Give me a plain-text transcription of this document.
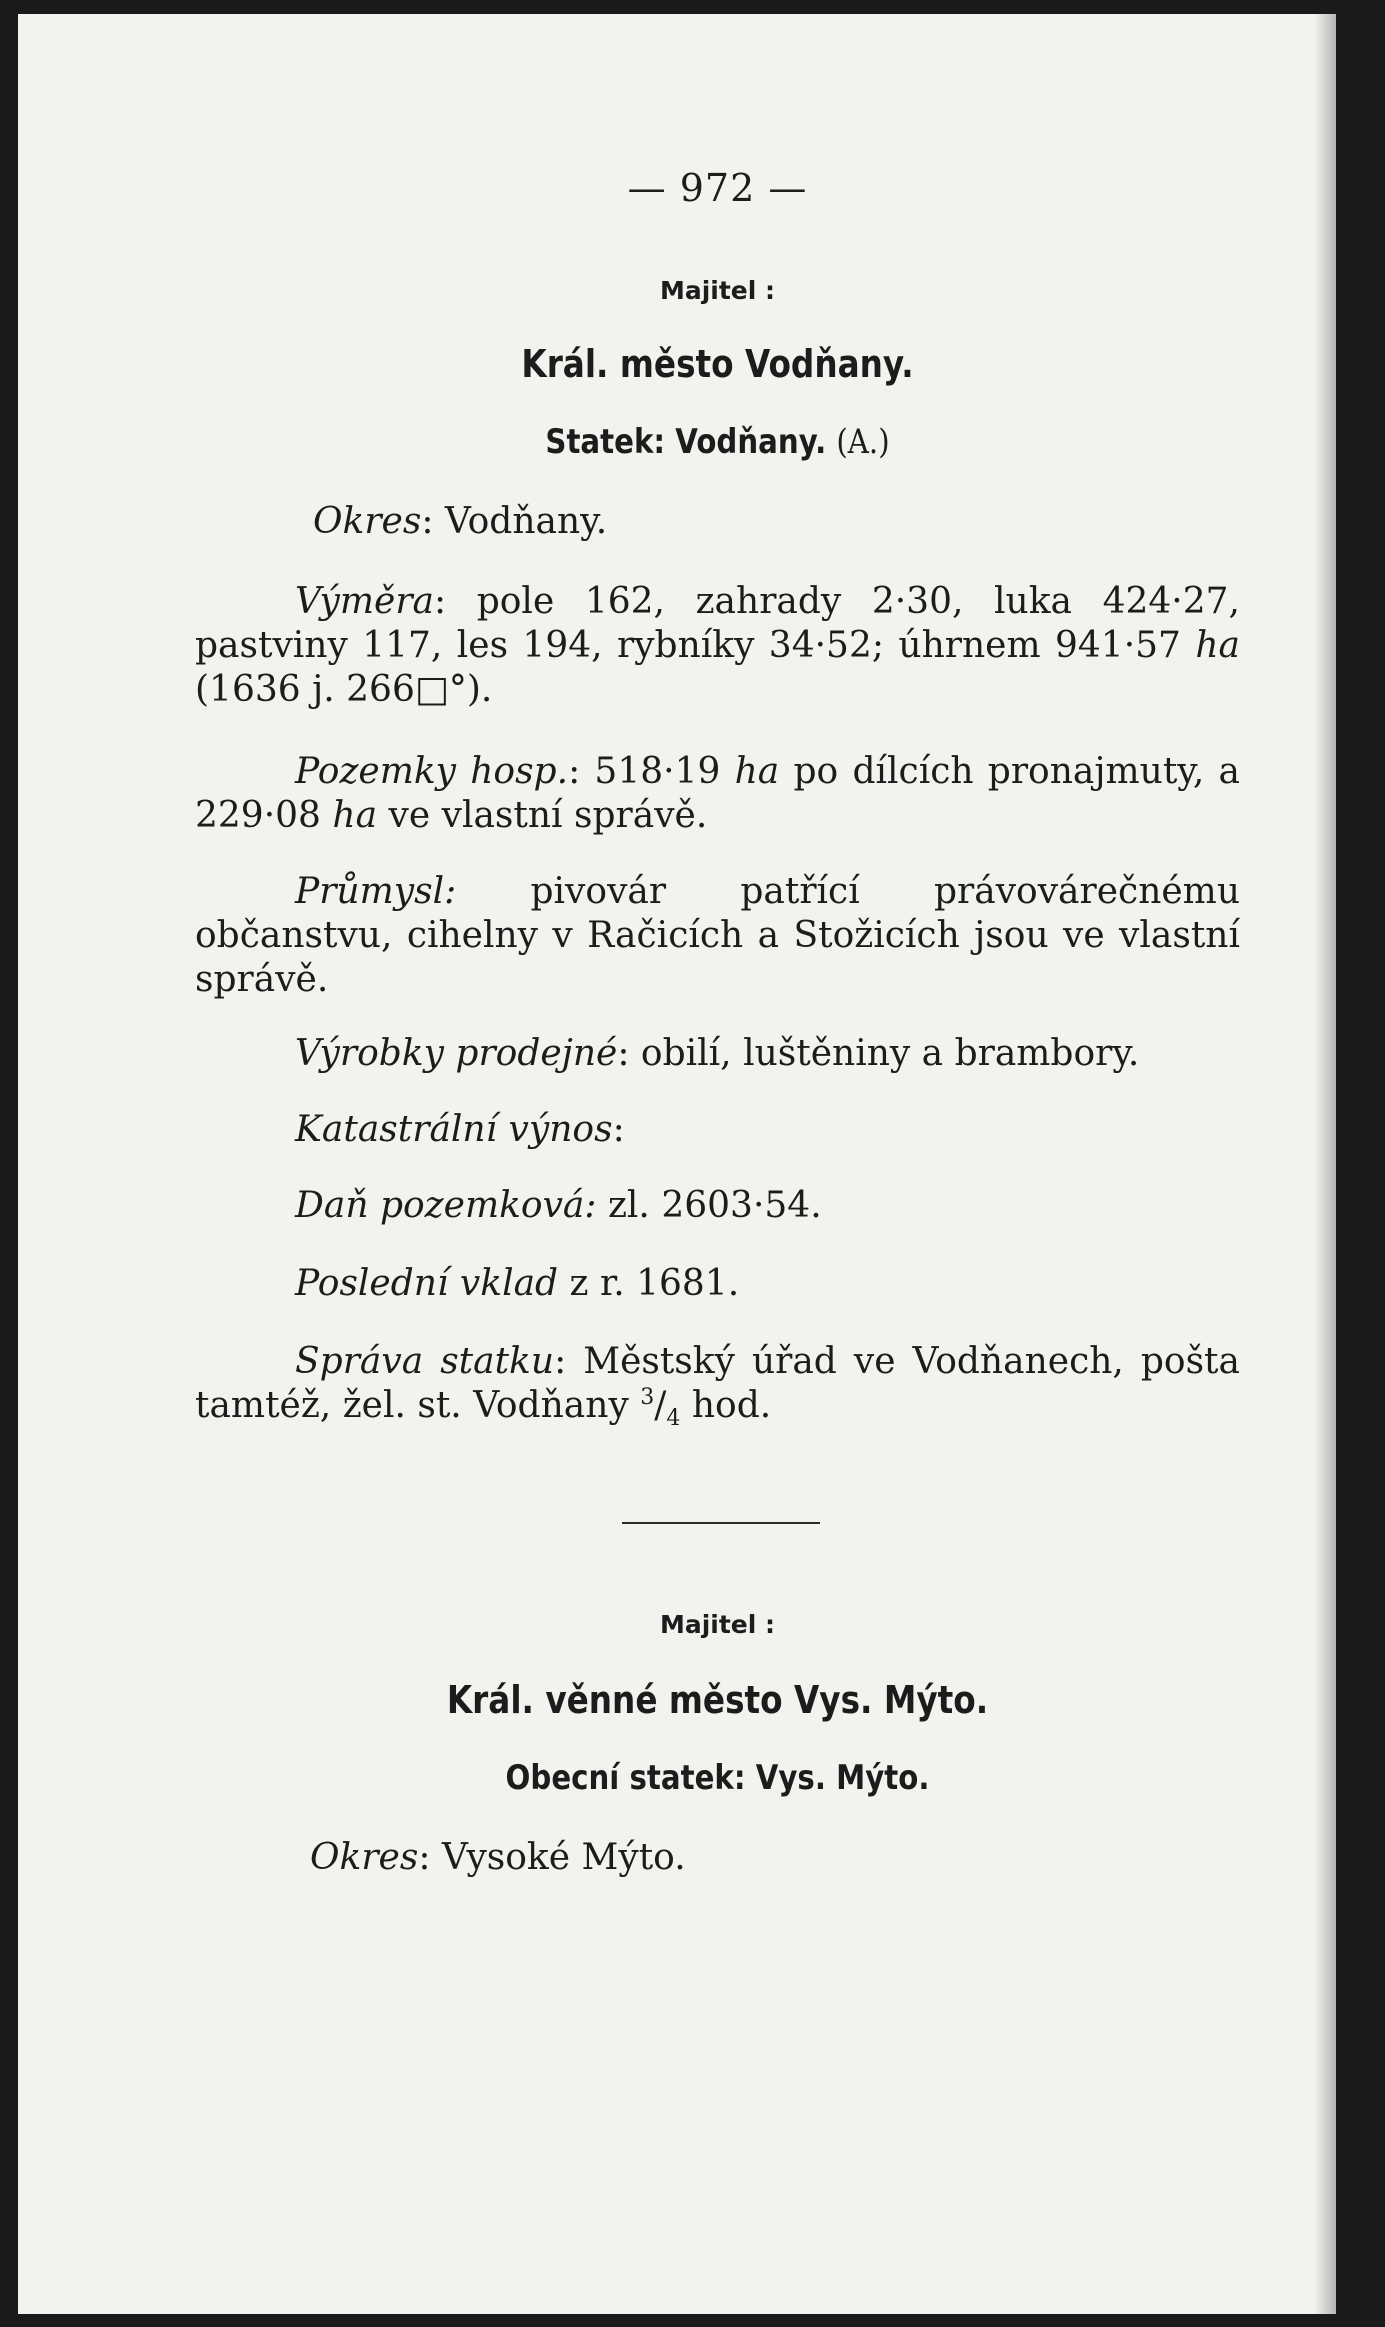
— 972 —
Majitel :
Král. město Vodňany.
Statek: Vodňany. (A.)
Okres: Vodňany.
Výměra: pole 162, zahrady 2·30, luka 424·27, pastviny 117, les 194, rybníky 34·52; úhrnem 941·57 ha (1636 j. 266□°).
Pozemky hosp.: 518·19 ha po dílcích pronajmuty, a 229·08 ha ve vlastní správě.
Průmysl: pivovár patřící právovárečnému občanstvu, cihelny v Račicích a Stožicích jsou ve vlastní správě.
Výrobky prodejné: obilí, luštěniny a brambory.
Katastrální výnos:
Daň pozemková: zl. 2603·54.
Poslední vklad z r. 1681.
Správa statku: Městský úřad ve Vodňanech, pošta tamtéž, žel. st. Vodňany $^3/_4$ hod.
Majitel :
Král. věnné město Vys. Mýto.
Obecní statek: Vys. Mýto.
Okres: Vysoké Mýto.
